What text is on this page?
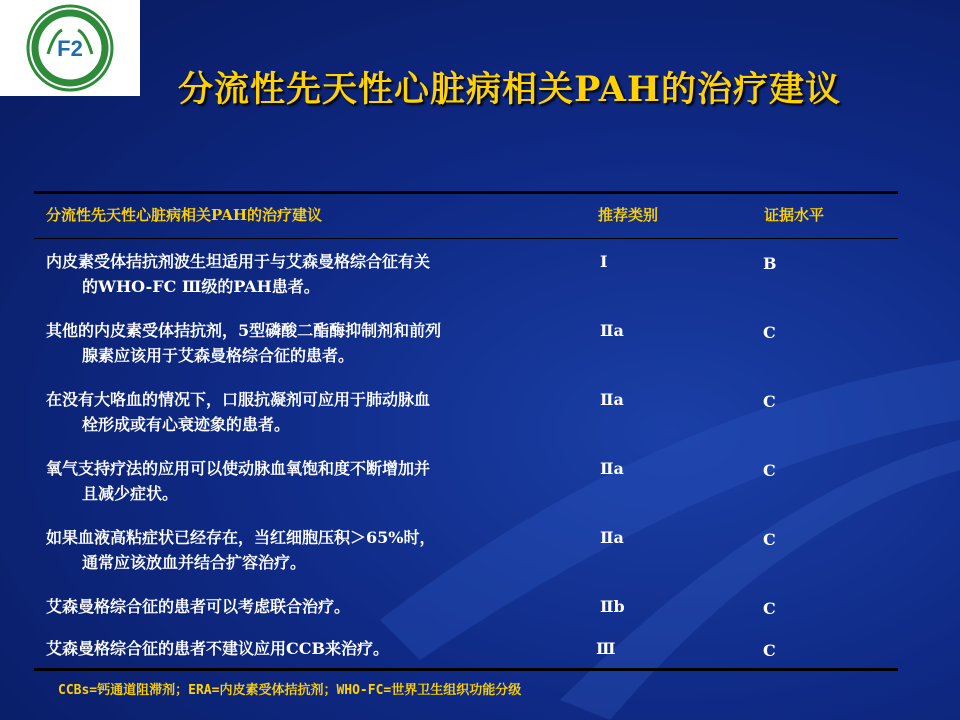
F2
分流性先天性心脏病相关PAH的治疗建议
分流性先天性心脏病相关PAH的治疗建议	推荐类别	证据水平
内皮素受体拮抗剂波生坦适用于与艾森曼格综合征有关
的WHO-FC Ⅲ级的PAH患者。
Ⅰ	B
其他的内皮素受体拮抗剂，5型磷酸二酯酶抑制剂和前列
腺素应该用于艾森曼格综合征的患者。
Ⅱa	C
在没有大咯血的情况下，口服抗凝剂可应用于肺动脉血
栓形成或有心衰迹象的患者。
Ⅱa	C
氧气支持疗法的应用可以使动脉血氧饱和度不断增加并
且减少症状。
Ⅱa	C
如果血液高粘症状已经存在，当红细胞压积＞65%时，
通常应该放血并结合扩容治疗。
Ⅱa	C
艾森曼格综合征的患者可以考虑联合治疗。	Ⅱb	C
艾森曼格综合征的患者不建议应用CCB来治疗。	Ⅲ	C
CCBs=钙通道阻滞剂；ERA=内皮素受体拮抗剂；WHO-FC=世界卫生组织功能分级
